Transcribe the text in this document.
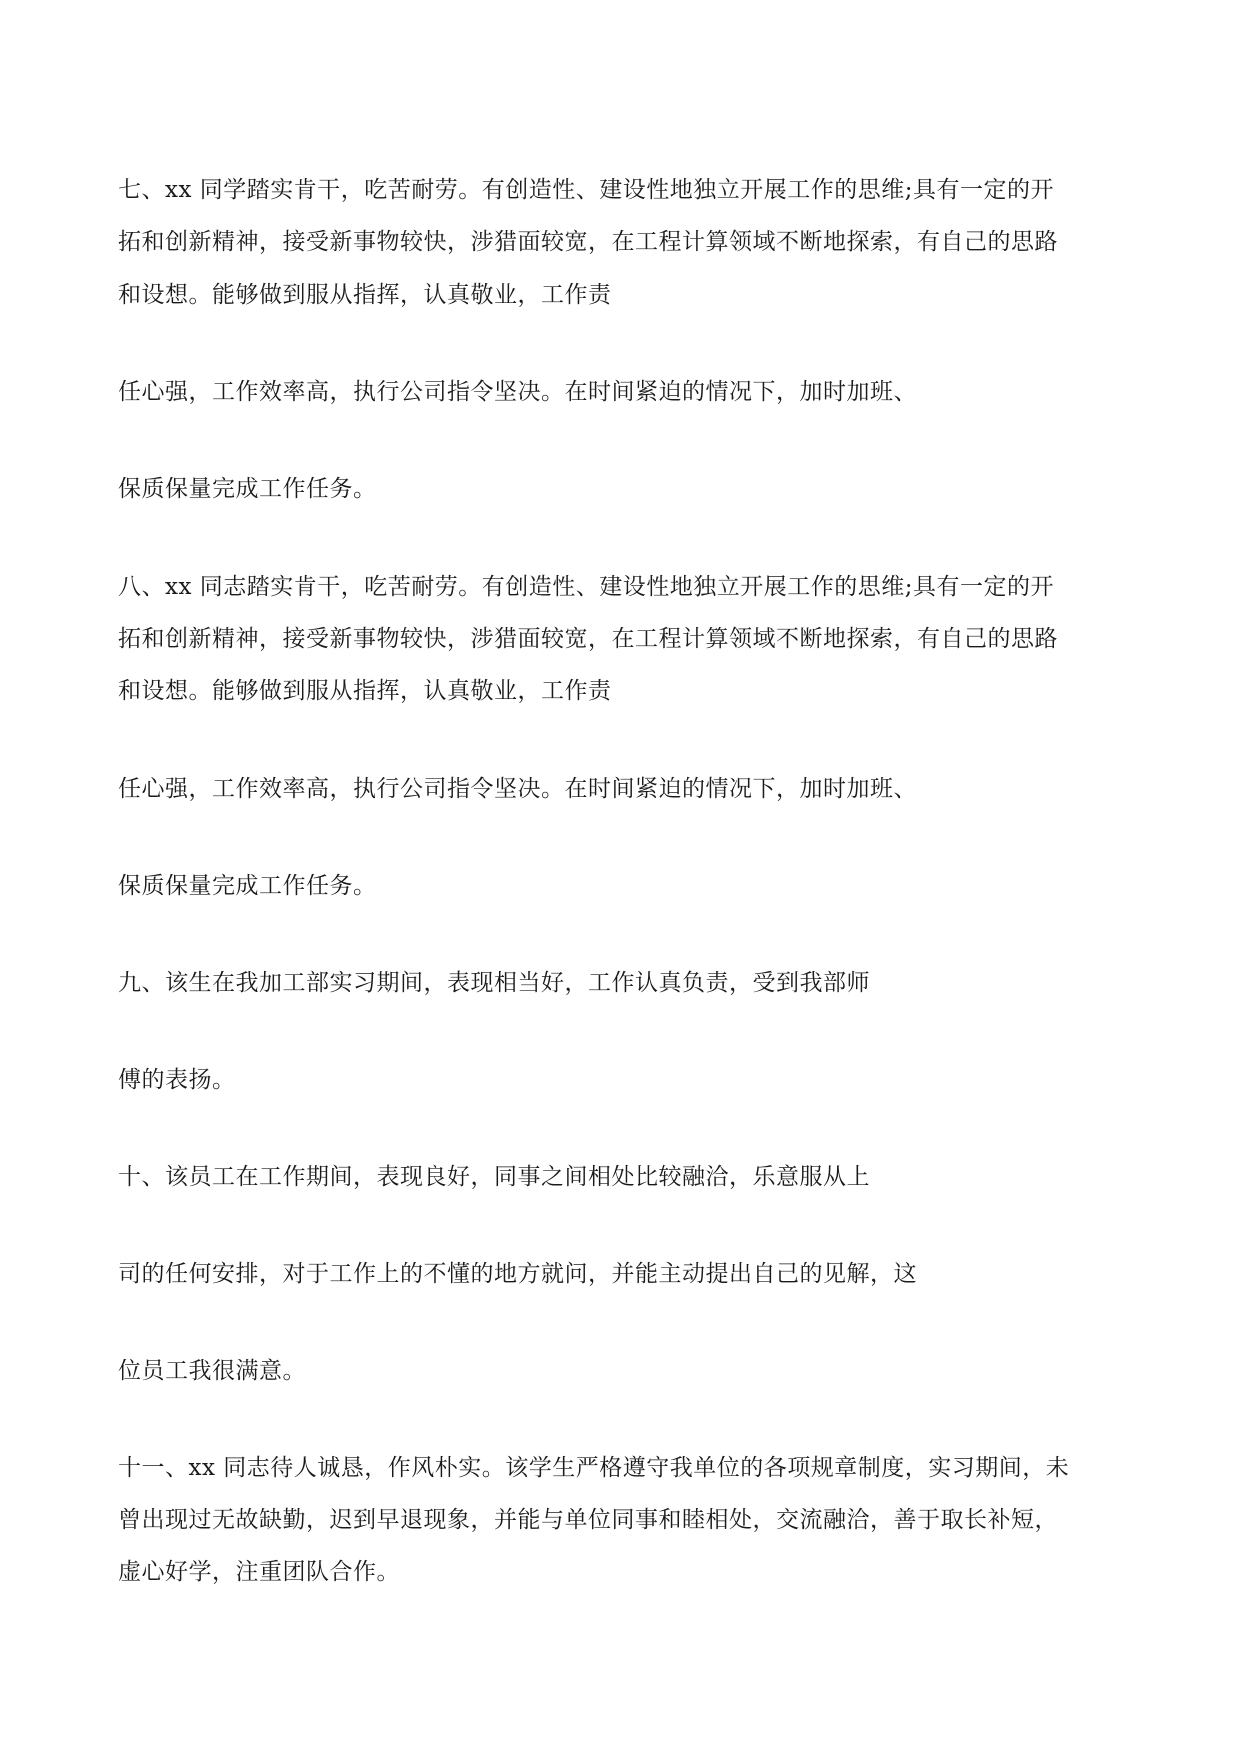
七、xx 同学踏实肯干，吃苦耐劳。有创造性、建设性地独立开展工作的思维;具有一定的开
拓和创新精神，接受新事物较快，涉猎面较宽，在工程计算领域不断地探索，有自己的思路
和设想。能够做到服从指挥，认真敬业，工作责
任心强，工作效率高，执行公司指令坚决。在时间紧迫的情况下，加时加班、
保质保量完成工作任务。
八、xx 同志踏实肯干，吃苦耐劳。有创造性、建设性地独立开展工作的思维;具有一定的开
拓和创新精神，接受新事物较快，涉猎面较宽，在工程计算领域不断地探索，有自己的思路
和设想。能够做到服从指挥，认真敬业，工作责
任心强，工作效率高，执行公司指令坚决。在时间紧迫的情况下，加时加班、
保质保量完成工作任务。
九、该生在我加工部实习期间，表现相当好，工作认真负责，受到我部师
傅的表扬。
十、该员工在工作期间，表现良好，同事之间相处比较融洽，乐意服从上
司的任何安排，对于工作上的不懂的地方就问，并能主动提出自己的见解，这
位员工我很满意。
十一、xx 同志待人诚恳，作风朴实。该学生严格遵守我单位的各项规章制度，实习期间，未
曾出现过无故缺勤，迟到早退现象，并能与单位同事和睦相处，交流融洽，善于取长补短，
虚心好学，注重团队合作。
